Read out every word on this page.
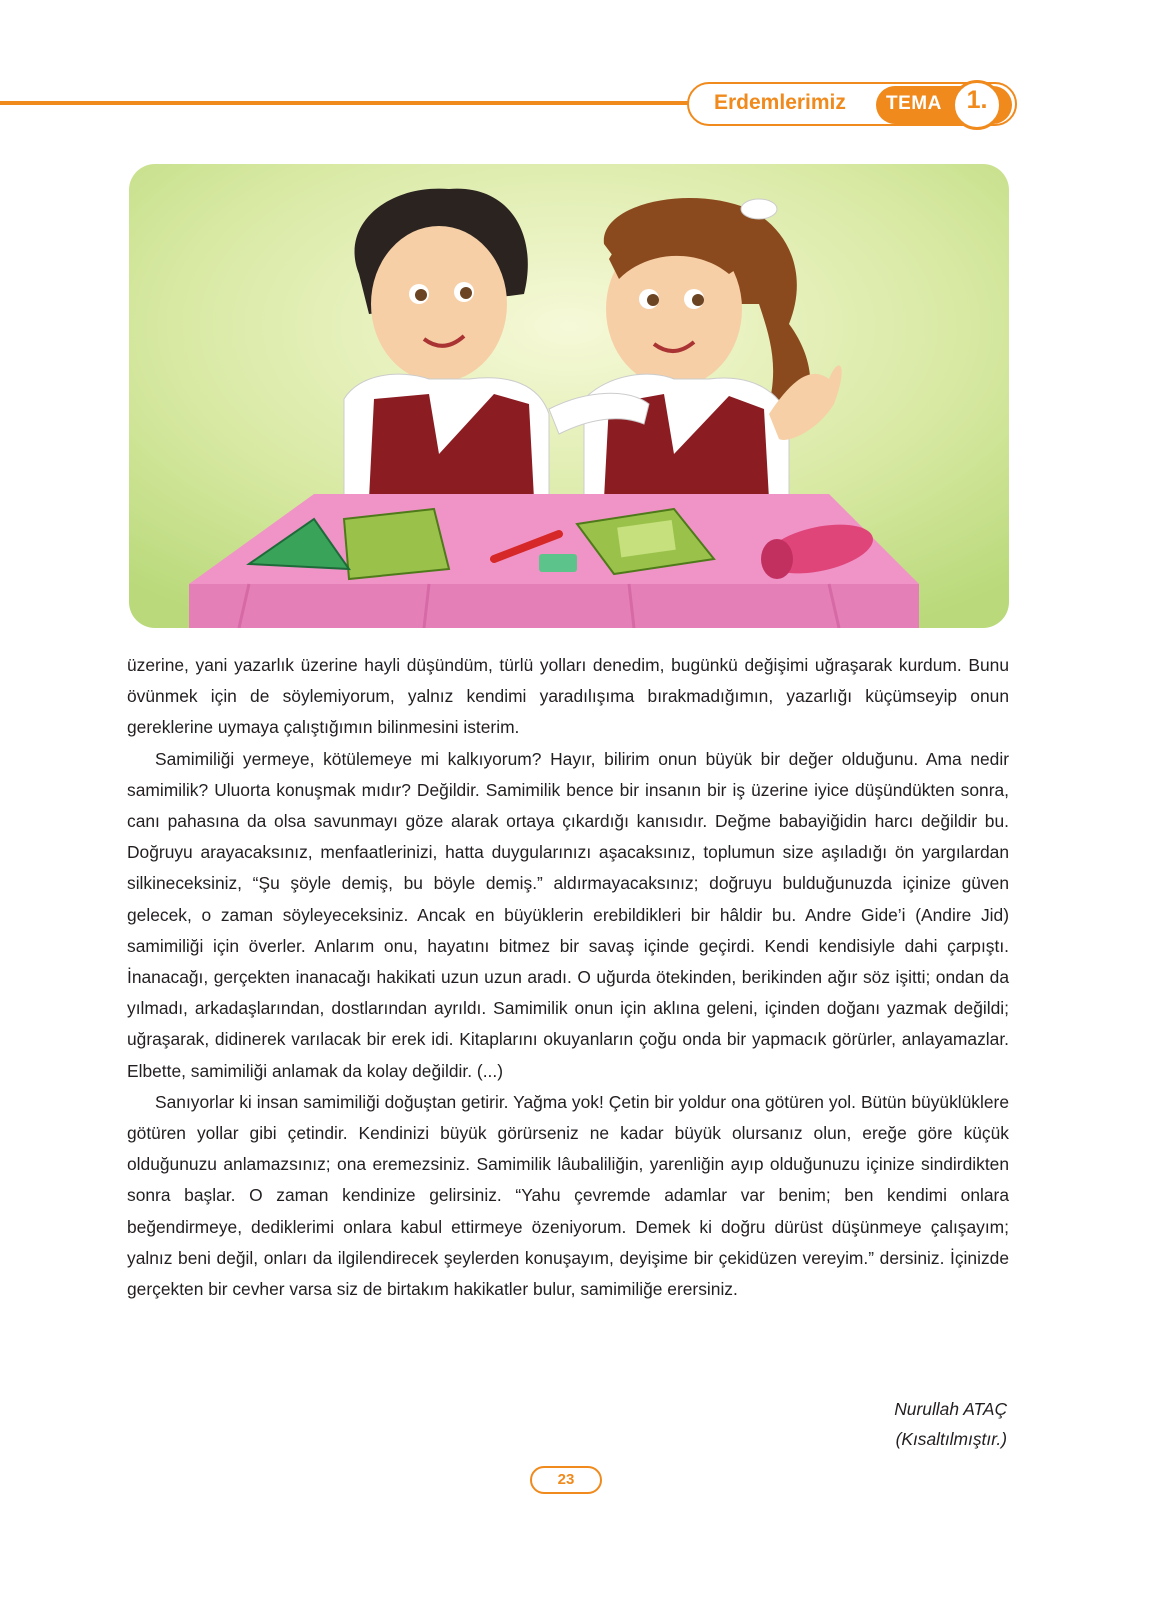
Erdemlerimiz TEMA 1.

üzerine, yani yazarlık üzerine hayli düşündüm, türlü yolları denedim, bugünkü değişimi uğraşarak kurdum. Bunu övünmek için de söylemiyorum, yalnız kendimi yaradılışıma bırakmadığımın, yazarlığı küçümseyip onun gereklerine uymaya çalıştığımın bilinmesini isterim.

Samimiliği yermeye, kötülemeye mi kalkıyorum? Hayır, bilirim onun büyük bir değer olduğunu. Ama nedir samimilik? Uluorta konuşmak mıdır? Değildir. Samimilik bence bir insanın bir iş üzerine iyice düşündükten sonra, canı pahasına da olsa savunmayı göze alarak ortaya çıkardığı kanısıdır. Değme babayiğidin harcı değildir bu. Doğruyu arayacaksınız, menfaatlerinizi, hatta duygularınızı aşacaksınız, toplumun size aşıladığı ön yargılardan silkineceksiniz, “Şu şöyle demiş, bu böyle demiş.” aldırmayacaksınız; doğruyu bulduğunuzda içinize güven gelecek, o zaman söyleyeceksiniz. Ancak en büyüklerin erebildikleri bir hâldir bu. Andre Gide’i (Andire Jid) samimiliği için överler. Anlarım onu, hayatını bitmez bir savaş içinde geçirdi. Kendi kendisiyle dahi çarpıştı. İnanacağı, gerçekten inanacağı hakikati uzun uzun aradı. O uğurda ötekinden, berikinden ağır söz işitti; ondan da yılmadı, arkadaşlarından, dostlarından ayrıldı. Samimilik onun için aklına geleni, içinden doğanı yazmak değildi; uğraşarak, didinerek varılacak bir erek idi. Kitaplarını okuyanların çoğu onda bir yapmacık görürler, anlayamazlar. Elbette, samimiliği anlamak da kolay değildir. (...)

Sanıyorlar ki insan samimiliği doğuştan getirir. Yağma yok! Çetin bir yoldur ona götüren yol. Bütün büyüklüklere götüren yollar gibi çetindir. Kendinizi büyük görürseniz ne kadar büyük olursanız olun, ereğe göre küçük olduğunuzu anlamazsınız; ona eremezsiniz. Samimilik lâubaliliğin, yarenliğin ayıp olduğunuzu içinize sindirdikten sonra başlar. O zaman kendinize gelirsiniz. “Yahu çevremde adamlar var benim; ben kendimi onlara beğendirmeye, dediklerimi onlara kabul ettirmeye özeniyorum. Demek ki doğru dürüst düşünmeye çalışayım; yalnız beni değil, onları da ilgilendirecek şeylerden konuşayım, deyişime bir çekidüzen vereyim.” dersiniz. İçinizde gerçekten bir cevher varsa siz de birtakım hakikatler bulur, samimiliğe erersiniz.

Nurullah ATAÇ
(Kısaltılmıştır.)
23
